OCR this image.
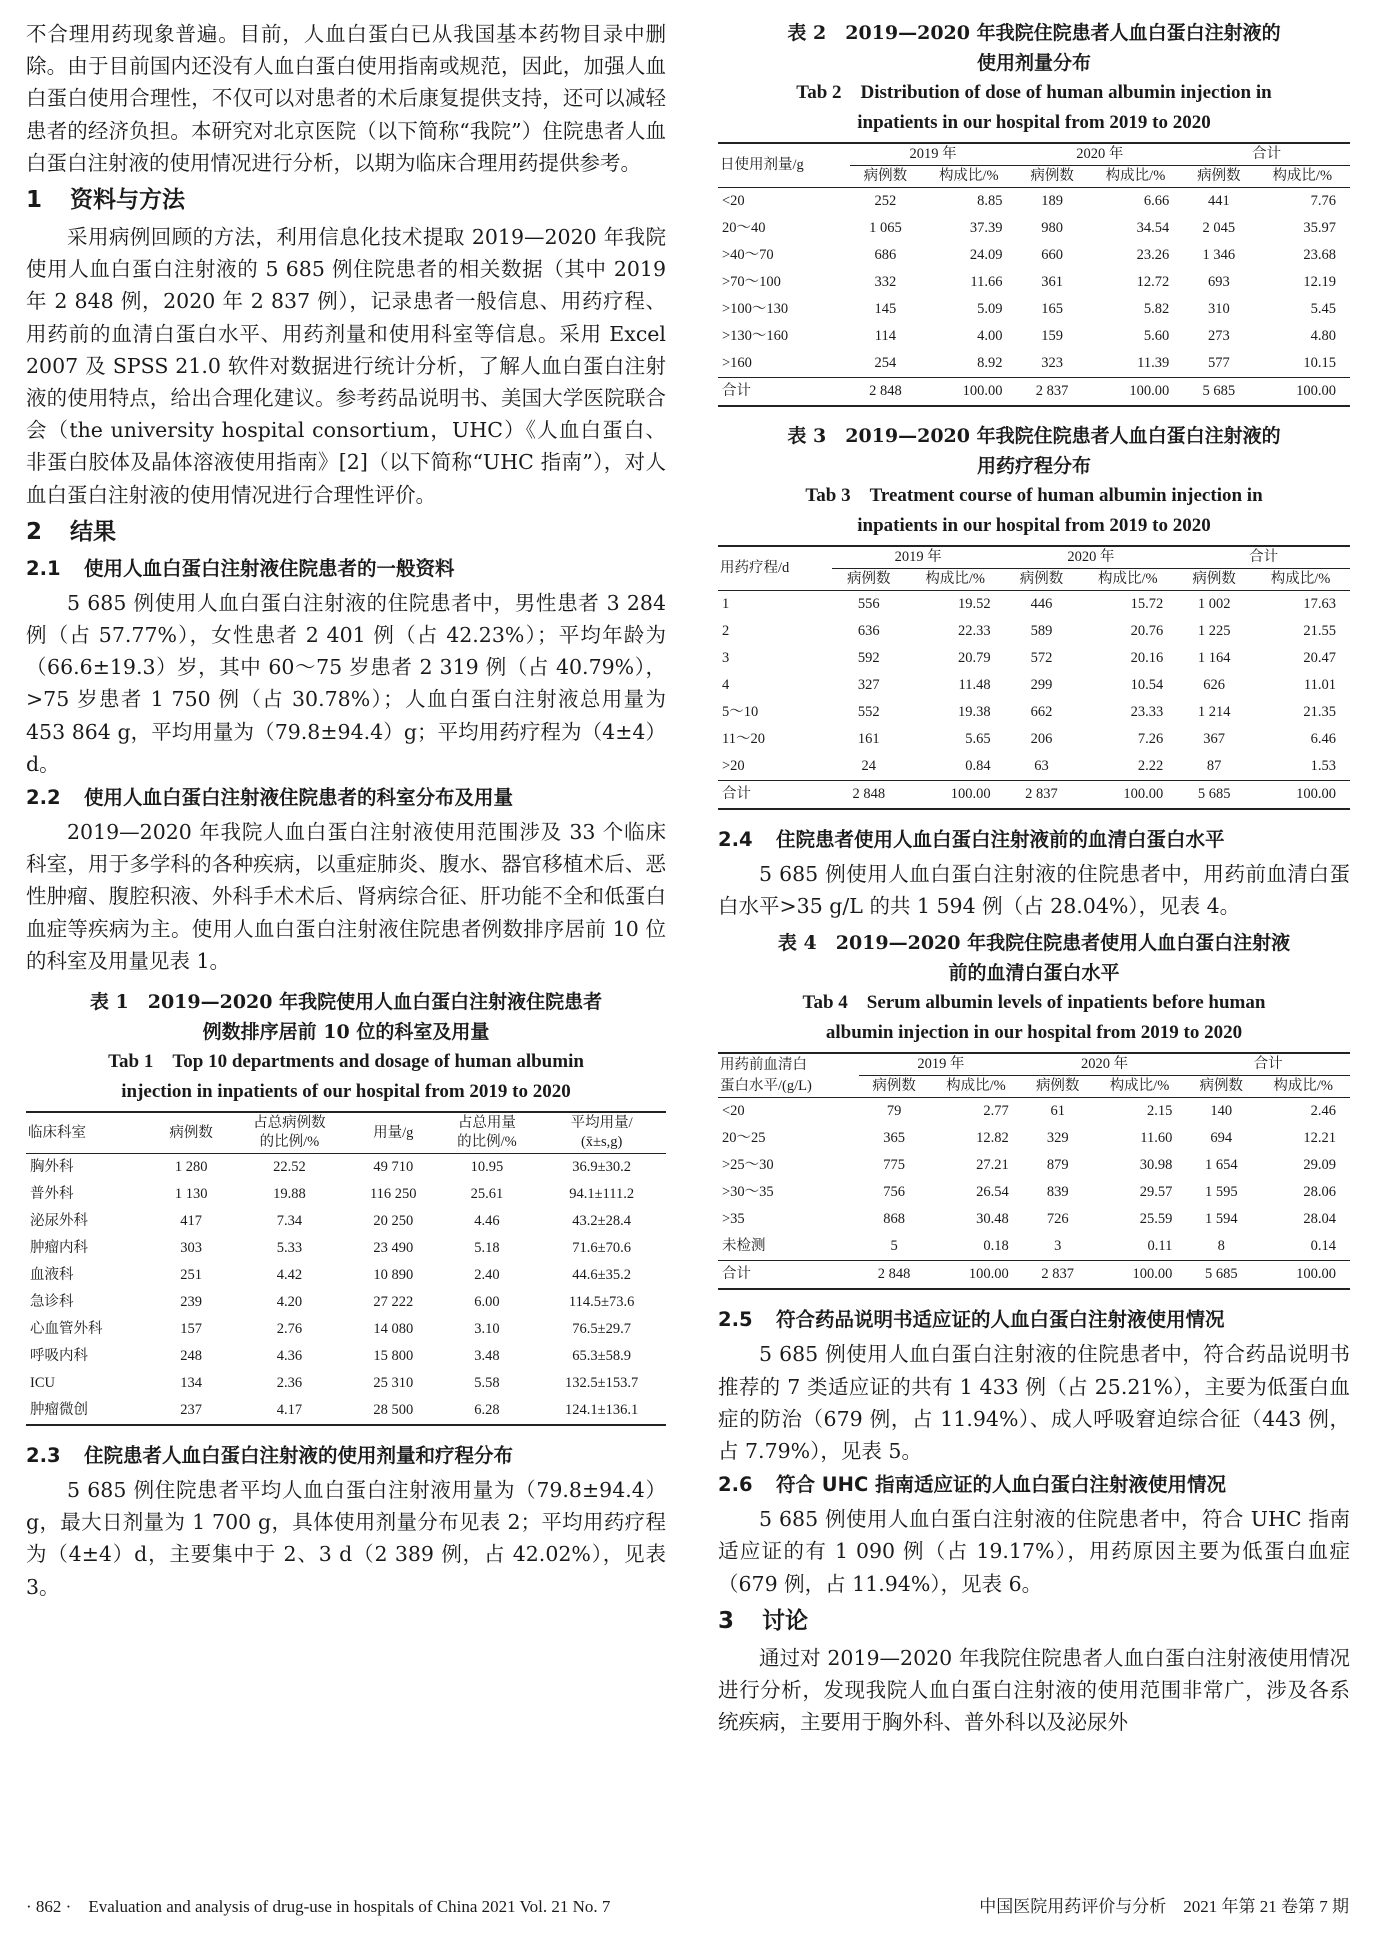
不合理用药现象普遍。目前，人血白蛋白已从我国基本药物目录中删除。由于目前国内还没有人血白蛋白使用指南或规范，因此，加强人血白蛋白使用合理性，不仅可以对患者的术后康复提供支持，还可以减轻患者的经济负担。本研究对北京医院（以下简称“我院”）住院患者人血白蛋白注射液的使用情况进行分析，以期为临床合理用药提供参考。

1 资料与方法

采用病例回顾的方法，利用信息化技术提取 2019—2020 年我院使用人血白蛋白注射液的 5 685 例住院患者的相关数据（其中 2019 年 2 848 例，2020 年 2 837 例），记录患者一般信息、用药疗程、用药前的血清白蛋白水平、用药剂量和使用科室等信息。采用 Excel 2007 及 SPSS 21.0 软件对数据进行统计分析，了解人血白蛋白注射液的使用特点，给出合理化建议。参考药品说明书、美国大学医院联合会（the university hospital consortium，UHC）《人血白蛋白、非蛋白胶体及晶体溶液使用指南》[2]（以下简称“UHC 指南”），对人血白蛋白注射液的使用情况进行合理性评价。

2 结果
2.1 使用人血白蛋白注射液住院患者的一般资料

5 685 例使用人血白蛋白注射液的住院患者中，男性患者 3 284 例（占 57.77%），女性患者 2 401 例（占 42.23%）；平均年龄为（66.6±19.3）岁，其中 60～75 岁患者 2 319 例（占 40.79%），>75 岁患者 1 750 例（占 30.78%）；人血白蛋白注射液总用量为 453 864 g，平均用量为（79.8±94.4）g；平均用药疗程为（4±4）d。

2.2 使用人血白蛋白注射液住院患者的科室分布及用量

2019—2020 年我院人血白蛋白注射液使用范围涉及 33 个临床科室，用于多学科的各种疾病，以重症肺炎、腹水、器官移植术后、恶性肿瘤、腹腔积液、外科手术术后、肾病综合征、肝功能不全和低蛋白血症等疾病为主。使用人血白蛋白注射液住院患者例数排序居前 10 位的科室及用量见表 1。

表 1　2019—2020 年我院使用人血白蛋白注射液住院患者

例数排序居前 10 位的科室及用量

Tab 1　Top 10 departments and dosage of human albumin

injection in inpatients of our hospital from 2019 to 2020

临床科室	病例数	占总病例数
的比例/%	用量/g	占总用量
的比例/%	平均用量/
(x̄±s,g)
胸外科	1 280	22.52	49 710	10.95	36.9±30.2
普外科	1 130	19.88	116 250	25.61	94.1±111.2
泌尿外科	417	7.34	20 250	4.46	43.2±28.4
肿瘤内科	303	5.33	23 490	5.18	71.6±70.6
血液科	251	4.42	10 890	2.40	44.6±35.2
急诊科	239	4.20	27 222	6.00	114.5±73.6
心血管外科	157	2.76	14 080	3.10	76.5±29.7
呼吸内科	248	4.36	15 800	3.48	65.3±58.9
ICU	134	2.36	25 310	5.58	132.5±153.7
肿瘤微创	237	4.17	28 500	6.28	124.1±136.1
2.3 住院患者人血白蛋白注射液的使用剂量和疗程分布

5 685 例住院患者平均人血白蛋白注射液用量为（79.8±94.4）g，最大日剂量为 1 700 g，具体使用剂量分布见表 2；平均用药疗程为（4±4）d，主要集中于 2、3 d（2 389 例，占 42.02%），见表 3。

表 2　2019—2020 年我院住院患者人血白蛋白注射液的

使用剂量分布

Tab 2　Distribution of dose of human albumin injection in

inpatients in our hospital from 2019 to 2020

日使用剂量/g	2019 年		2020 年		合计	
	病例数	构成比/%	病例数	构成比/%	病例数	构成比/%
<20	252	8.85	189	6.66	441	7.76
20～40	1 065	37.39	980	34.54	2 045	35.97
>40～70	686	24.09	660	23.26	1 346	23.68
>70～100	332	11.66	361	12.72	693	12.19
>100～130	145	5.09	165	5.82	310	5.45
>130～160	114	4.00	159	5.60	273	4.80
>160	254	8.92	323	11.39	577	10.15
合计	2 848	100.00	2 837	100.00	5 685	100.00

表 3　2019—2020 年我院住院患者人血白蛋白注射液的

用药疗程分布

Tab 3　Treatment course of human albumin injection in

inpatients in our hospital from 2019 to 2020

用药疗程/d	2019 年		2020 年		合计	
	病例数	构成比/%	病例数	构成比/%	病例数	构成比/%
1	556	19.52	446	15.72	1 002	17.63
2	636	22.33	589	20.76	1 225	21.55
3	592	20.79	572	20.16	1 164	20.47
4	327	11.48	299	10.54	626	11.01
5～10	552	19.38	662	23.33	1 214	21.35
11～20	161	5.65	206	7.26	367	6.46
>20	24	0.84	63	2.22	87	1.53
合计	2 848	100.00	2 837	100.00	5 685	100.00
2.4 住院患者使用人血白蛋白注射液前的血清白蛋白水平

5 685 例使用人血白蛋白注射液的住院患者中，用药前血清白蛋白水平>35 g/L 的共 1 594 例（占 28.04%），见表 4。

表 4　2019—2020 年我院住院患者使用人血白蛋白注射液

前的血清白蛋白水平

Tab 4　Serum albumin levels of inpatients before human

albumin injection in our hospital from 2019 to 2020

用药前血清白	2019 年		2020 年		合计	
蛋白水平/(g/L)	病例数	构成比/%	病例数	构成比/%	病例数	构成比/%
<20	79	2.77	61	2.15	140	2.46
20～25	365	12.82	329	11.60	694	12.21
>25～30	775	27.21	879	30.98	1 654	29.09
>30～35	756	26.54	839	29.57	1 595	28.06
>35	868	30.48	726	25.59	1 594	28.04
未检测	5	0.18	3	0.11	8	0.14
合计	2 848	100.00	2 837	100.00	5 685	100.00
2.5 符合药品说明书适应证的人血白蛋白注射液使用情况

5 685 例使用人血白蛋白注射液的住院患者中，符合药品说明书推荐的 7 类适应证的共有 1 433 例（占 25.21%），主要为低蛋白血症的防治（679 例，占 11.94%）、成人呼吸窘迫综合征（443 例，占 7.79%），见表 5。

2.6 符合 UHC 指南适应证的人血白蛋白注射液使用情况

5 685 例使用人血白蛋白注射液的住院患者中，符合 UHC 指南适应证的有 1 090 例（占 19.17%），用药原因主要为低蛋白血症（679 例，占 11.94%），见表 6。

3 讨论

通过对 2019—2020 年我院住院患者人血白蛋白注射液使用情况进行分析，发现我院人血白蛋白注射液的使用范围非常广，涉及各系统疾病，主要用于胸外科、普外科以及泌尿外

· 862 ·　Evaluation and analysis of drug-use in hospitals of China 2021 Vol. 21 No. 7	中国医院用药评价与分析　2021 年第 21 卷第 7 期
